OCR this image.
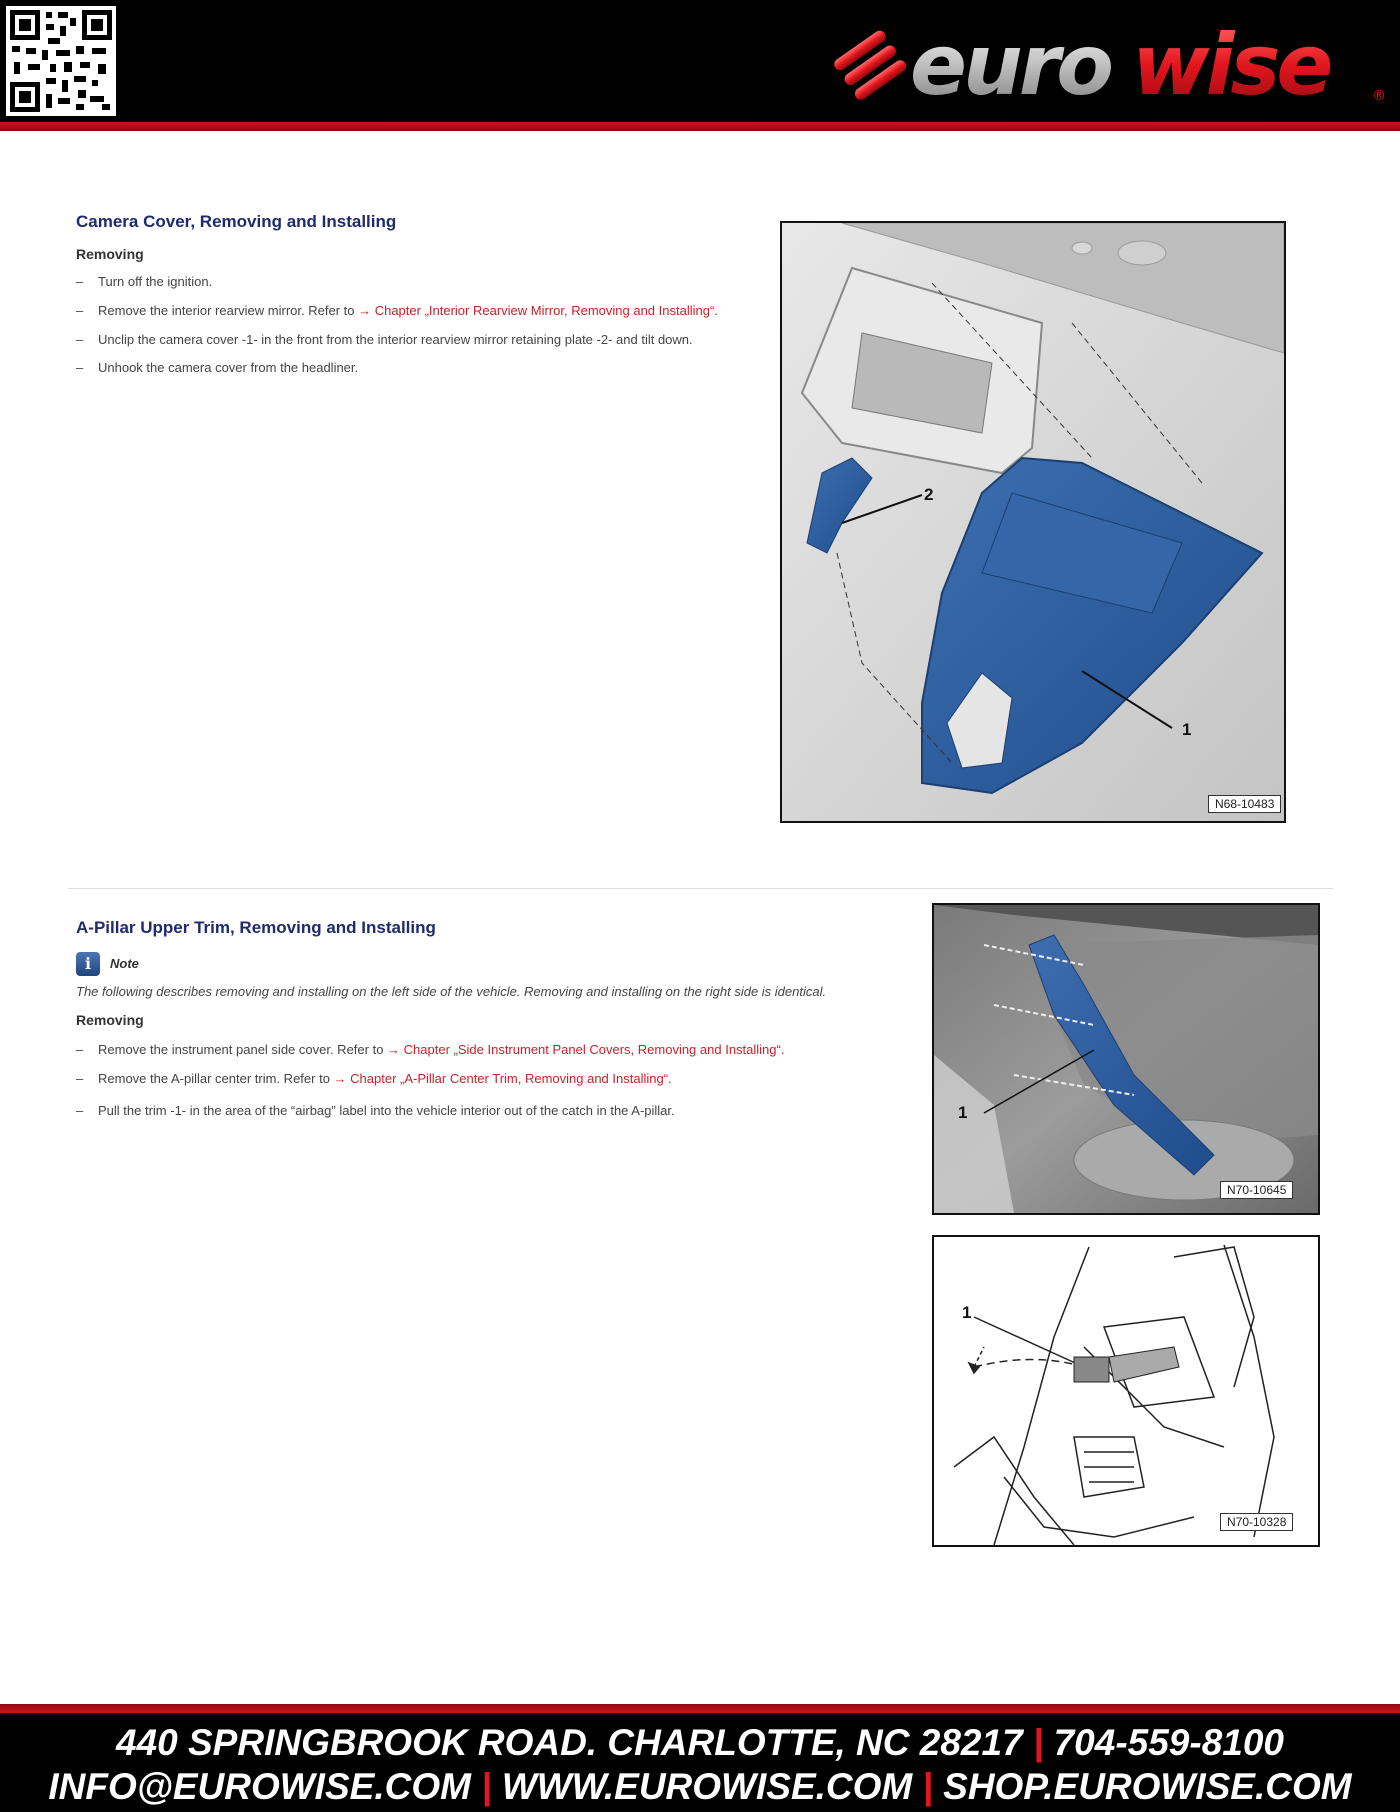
euro wise	®
Camera Cover, Removing and Installing
Removing
– Turn off the ignition.
– Remove the interior rearview mirror. Refer to → Chapter „Interior Rearview Mirror, Removing and Installing“.
– Unclip the camera cover -1- in the front from the interior rearview mirror retaining plate -2- and tilt down.
– Unhook the camera cover from the headliner.
2
1
N68-10483
A-Pillar Upper Trim, Removing and Installing
i	Note
The following describes removing and installing on the left side of the vehicle. Removing and installing on the right side is identical.
Removing
– Remove the instrument panel side cover. Refer to → Chapter „Side Instrument Panel Covers, Removing and Installing“.
– Remove the A-pillar center trim. Refer to → Chapter „A-Pillar Center Trim, Removing and Installing“.
– Pull the trim -1- in the area of the “airbag” label into the vehicle interior out of the catch in the A-pillar.	1
N70-10645
1
N70-10328
440 SPRINGBROOK ROAD. CHARLOTTE, NC 28217 | 704-559-8100
INFO@EUROWISE.COM | WWW.EUROWISE.COM | SHOP.EUROWISE.COM
